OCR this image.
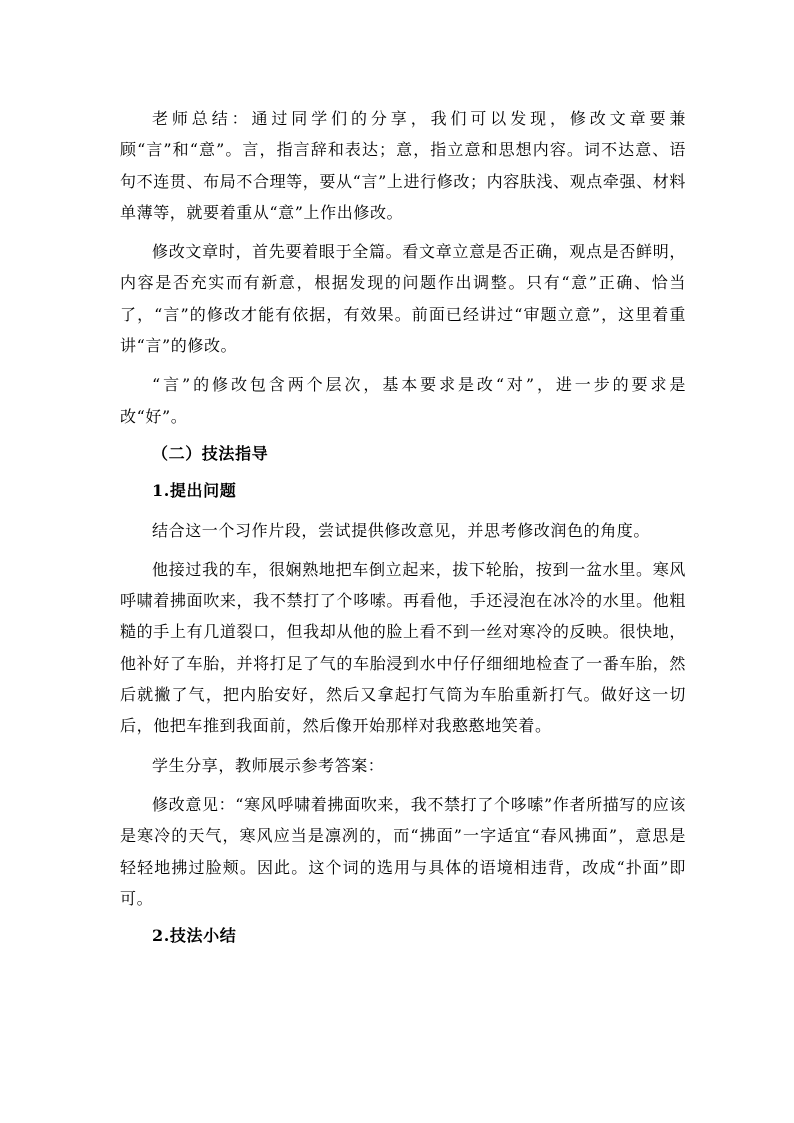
老师总结：通过同学们的分享，我们可以发现，修改文章要兼顾“言”和“意”。言，指言辞和表达；意，指立意和思想内容。词不达意、语句不连贯、布局不合理等，要从“言”上进行修改；内容肤浅、观点牵强、材料单薄等，就要着重从“意”上作出修改。

修改文章时，首先要着眼于全篇。看文章立意是否正确，观点是否鲜明，内容是否充实而有新意，根据发现的问题作出调整。只有“意”正确、恰当了，“言”的修改才能有依据，有效果。前面已经讲过“审题立意”，这里着重讲“言”的修改。

“言”的修改包含两个层次，基本要求是改“对”，进一步的要求是改“好”。

（二）技法指导

1.提出问题

结合这一个习作片段，尝试提供修改意见，并思考修改润色的角度。

他接过我的车，很娴熟地把车倒立起来，拔下轮胎，按到一盆水里。寒风呼啸着拂面吹来，我不禁打了个哆嗦。再看他，手还浸泡在冰冷的水里。他粗糙的手上有几道裂口，但我却从他的脸上看不到一丝对寒冷的反映。很快地，他补好了车胎，并将打足了气的车胎浸到水中仔仔细细地检查了一番车胎，然后就撇了气，把内胎安好，然后又拿起打气筒为车胎重新打气。做好这一切后，他把车推到我面前，然后像开始那样对我憨憨地笑着。

学生分享，教师展示参考答案：

修改意见：“寒风呼啸着拂面吹来，我不禁打了个哆嗦”作者所描写的应该是寒冷的天气，寒风应当是凛冽的，而“拂面”一字适宜“春风拂面”，意思是轻轻地拂过脸颊。因此。这个词的选用与具体的语境相违背，改成“扑面”即可。

2.技法小结
